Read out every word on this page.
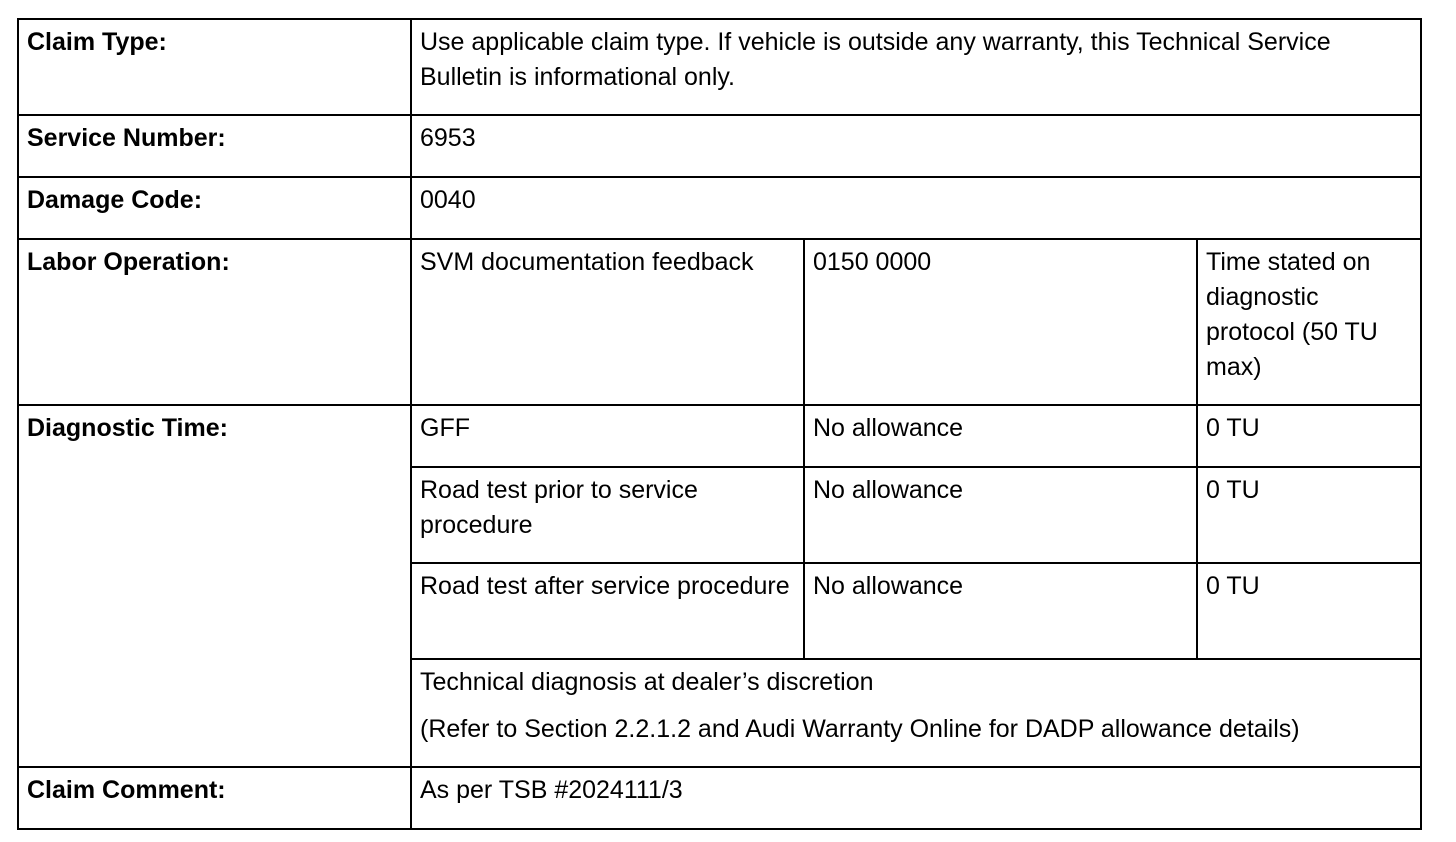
Claim Type:	Use applicable claim type. If vehicle is outside any warranty, this Technical Service Bulletin is informational only.		
Service Number:	6953		
Damage Code:	0040		
Labor Operation:	SVM documentation feedback	0150 0000	Time stated on diagnostic protocol (50 TU max)
Diagnostic Time:	GFF	No allowance	0 TU
	Road test prior to service procedure	No allowance	0 TU
	Road test after service procedure	No allowance	0 TU

	Technical diagnosis at dealer’s discretion
(Refer to Section 2.2.1.2 and Audi Warranty Online for DADP allowance details)		

Claim Comment:	As per TSB #2024111/3		
